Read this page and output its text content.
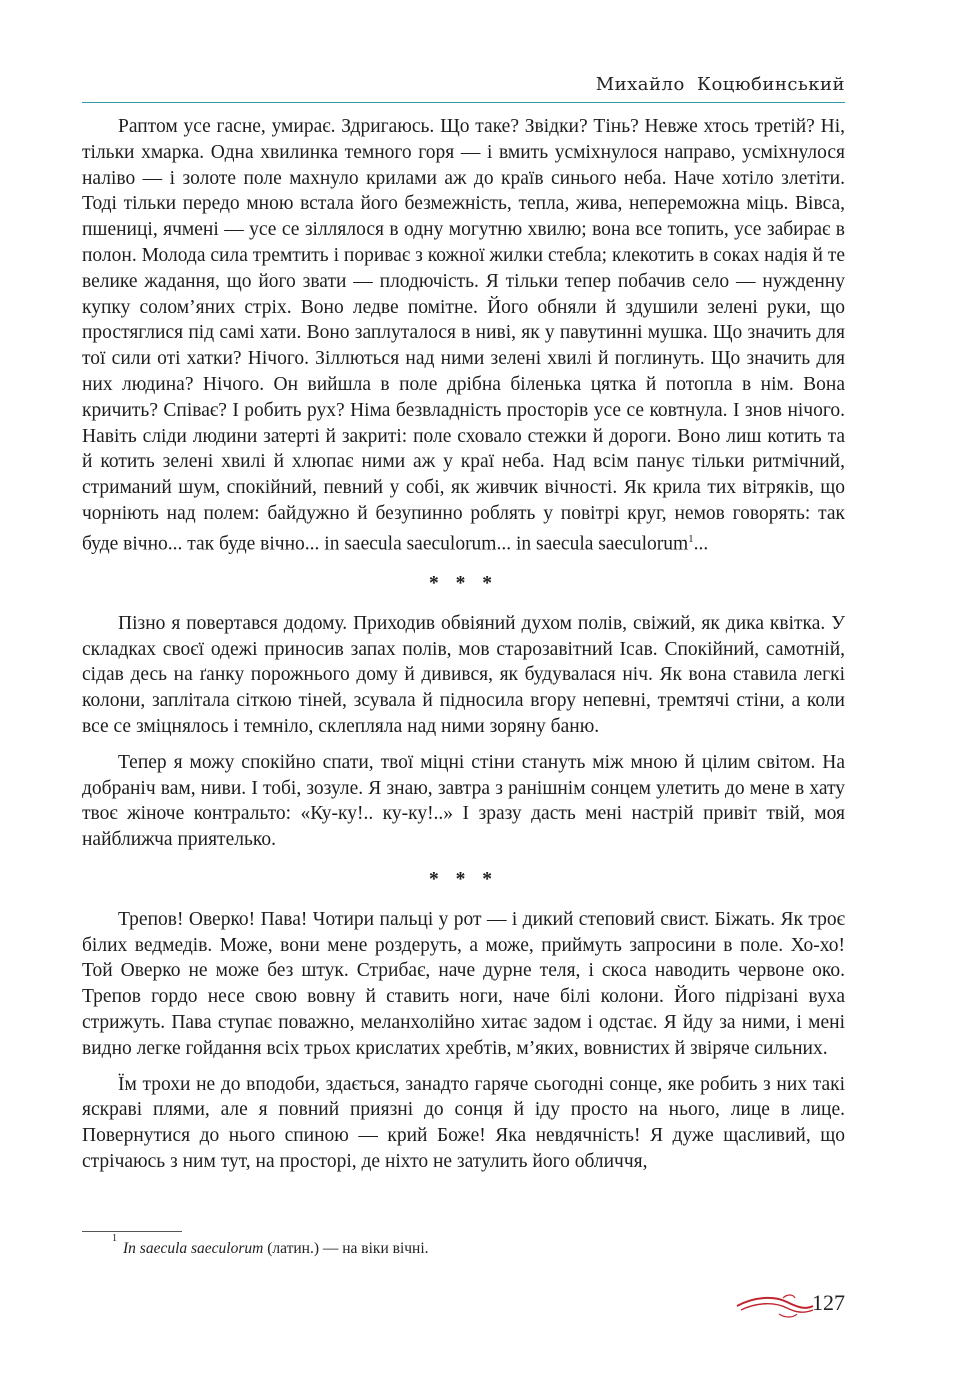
Михайло Коцюбинський

Раптом усе гасне, умирає. Здригаюсь. Що таке? Звідки? Тінь? Невже хтось третій? Ні, тільки хмарка. Одна хвилинка темного горя — і вмить усміхнулося направо, усміхнулося наліво — і золоте поле махнуло крилами аж до країв синього неба. Наче хотіло злетіти. Тоді тільки передо мною встала його безмежність, тепла, жива, непереможна міць. Вівса, пшениці, ячмені — усе се зіллялося в одну могутню хвилю; вона все топить, усе забирає в полон. Молода сила тремтить і пориває з кожної жилки стебла; клекотить в соках надія й те велике жадання, що його звати — плодючість. Я тільки тепер побачив село — нужденну купку солом’яних стріх. Воно ледве помітне. Його обняли й здушили зелені руки, що простяглися під самі хати. Воно заплуталося в ниві, як у павутинні мушка. Що значить для тої сили оті хатки? Нічого. Зіллються над ними зелені хвилі й поглинуть. Що значить для них людина? Нічого. Он вийшла в поле дрібна біленька цятка й потопла в нім. Вона кричить? Співає? І робить рух? Німа безвладність просторів усе се ковтнула. І знов нічого. Навіть сліди людини затерті й закриті: поле сховало стежки й дороги. Воно лиш котить та й котить зелені хвилі й хлюпає ними аж у краї неба. Над всім панує тільки ритмічний, стриманий шум, спокійний, певний у собі, як живчик вічності. Як крила тих вітряків, що чорніють над полем: байдужно й безупинно роблять у повітрі круг, немов говорять: так буде вічно... так буде вічно... in saecula saeculorum... in saecula saeculorum$^1$...

* * *

Пізно я повертався додому. Приходив обвіяний духом полів, свіжий, як дика квітка. У складках своєї одежі приносив запах полів, мов старозавітний Ісав. Спокійний, самотній, сідав десь на ґанку порожнього дому й дивився, як будувалася ніч. Як вона ставила легкі колони, заплітала сіткою тіней, зсувала й підносила вгору непевні, тремтячі стіни, а коли все се зміцнялось і темніло, склепляла над ними зоряну баню.

Тепер я можу спокійно спати, твої міцні стіни стануть між мною й цілим світом. На добраніч вам, ниви. І тобі, зозуле. Я знаю, завтра з ранішнім сонцем улетить до мене в хату твоє жіноче контральто: «Ку-ку!.. ку-ку!..» І зразу дасть мені настрій привіт твій, моя найближча приятелько.

* * *

Трепов! Оверко! Пава! Чотири пальці у рот — і дикий степовий свист. Біжать. Як троє білих ведмедів. Може, вони мене роздеруть, а може, приймуть запросини в поле. Хо-хо! Той Оверко не може без штук. Стрибає, наче дурне теля, і скоса наводить червоне око. Трепов гордо несе свою вовну й ставить ноги, наче білі колони. Його підрізані вуха стрижуть. Пава ступає поважно, меланхолійно хитає задом і одстає. Я йду за ними, і мені видно легке гойдання всіх трьох крислатих хребтів, м’яких, вовнистих й звіряче сильних.

Їм трохи не до вподоби, здається, занадто гаряче сьогодні сонце, яке робить з них такі яскраві плями, але я повний приязні до сонця й іду просто на нього, лице в лице. Повернутися до нього спиною — крий Боже! Яка невдячність! Я дуже щасливий, що стрічаюсь з ним тут, на просторі, де ніхто не затулить його обличчя,

$^1$In saecula saeculorum (латин.) — на віки вічні.
127
